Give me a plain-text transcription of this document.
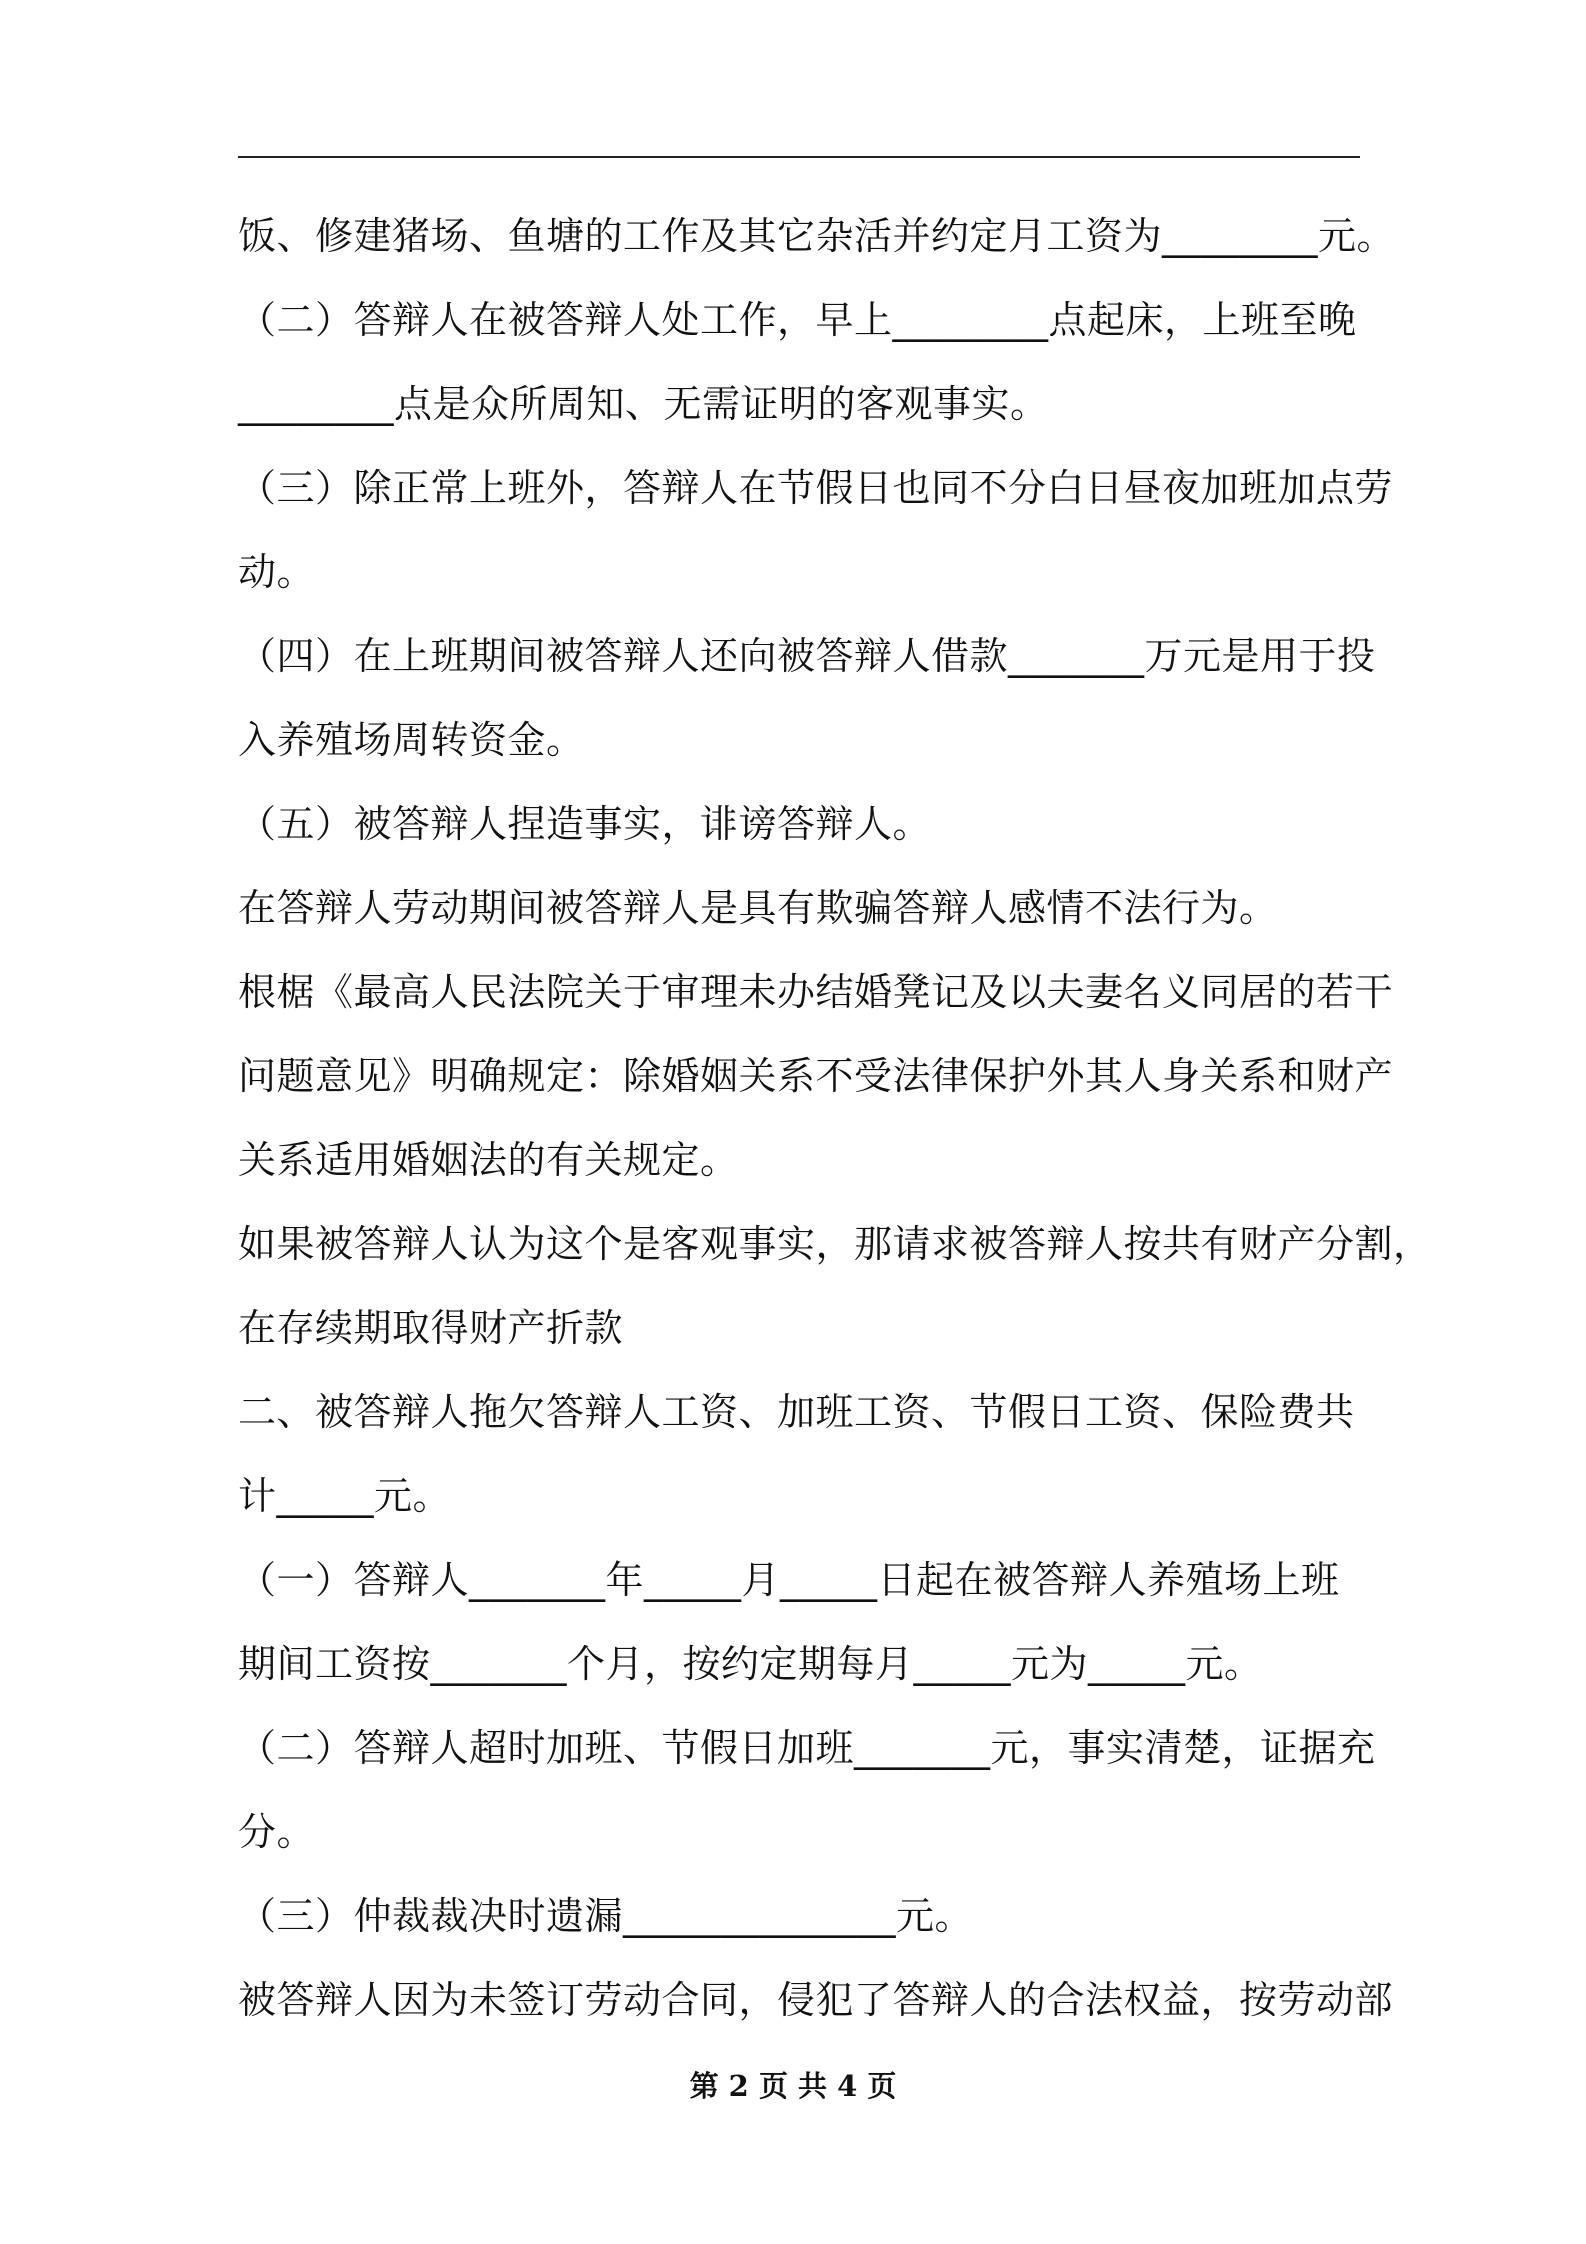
饭、修建猪场、鱼塘的工作及其它杂活并约定月工资为________元。
（二）答辩人在被答辩人处工作，早上________点起床，上班至晚
________点是众所周知、无需证明的客观事实。
（三）除正常上班外，答辩人在节假日也同不分白日昼夜加班加点劳
动。
（四）在上班期间被答辩人还向被答辩人借款_______万元是用于投
入养殖场周转资金。
（五）被答辩人捏造事实，诽谤答辩人。
在答辩人劳动期间被答辩人是具有欺骗答辩人感情不法行为。
根椐《最高人民法院关于审理未办结婚凳记及以夫妻名义同居的若干
问题意见》明确规定：除婚姻关系不受法律保护外其人身关系和财产
关系适用婚姻法的有关规定。
如果被答辩人认为这个是客观事实，那请求被答辩人按共有财产分割，
在存续期取得财产折款
二、被答辩人拖欠答辩人工资、加班工资、节假日工资、保险费共
计_____元。
（一）答辩人_______年_____月_____日起在被答辩人养殖场上班
期间工资按_______个月，按约定期每月_____元为_____元。
（二）答辩人超时加班、节假日加班_______元，事实清楚，证据充
分。
（三）仲裁裁决时遗漏______________元。
被答辩人因为未签订劳动合同，侵犯了答辩人的合法权益，按劳动部
第 2 页 共 4 页
